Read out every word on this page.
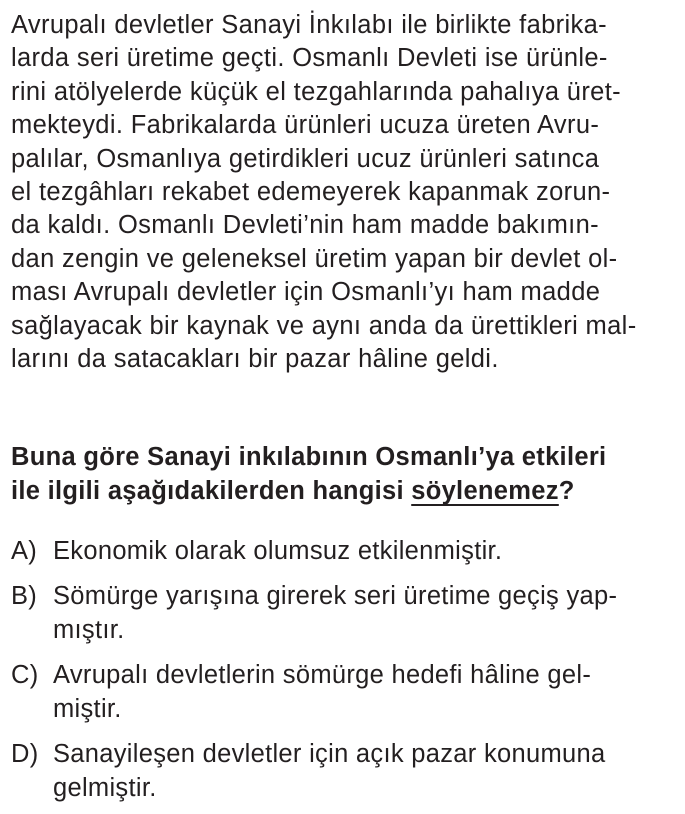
Avrupalı devletler Sanayi İnkılabı ile birlikte fabrika-
larda seri üretime geçti. Osmanlı Devleti ise ürünle-
rini atölyelerde küçük el tezgahlarında pahalıya üret-
mekteydi. Fabrikalarda ürünleri ucuza üreten Avru-
palılar, Osmanlıya getirdikleri ucuz ürünleri satınca
el tezgâhları rekabet edemeyerek kapanmak zorun-
da kaldı. Osmanlı Devleti’nin ham madde bakımın-
dan zengin ve geleneksel üretim yapan bir devlet ol-
ması Avrupalı devletler için Osmanlı’yı ham madde
sağlayacak bir kaynak ve aynı anda da ürettikleri mal-
larını da satacakları bir pazar hâline geldi.
Buna göre Sanayi inkılabının Osmanlı’ya etkileri
ile ilgili aşağıdakilerden hangisi söylenemez?
A) Ekonomik olarak olumsuz etkilenmiştir.
B) Sömürge yarışına girerek seri üretime geçiş yap-
mıştır.
C) Avrupalı devletlerin sömürge hedefi hâline gel-
miştir.
D) Sanayileşen devletler için açık pazar konumuna
gelmiştir.
